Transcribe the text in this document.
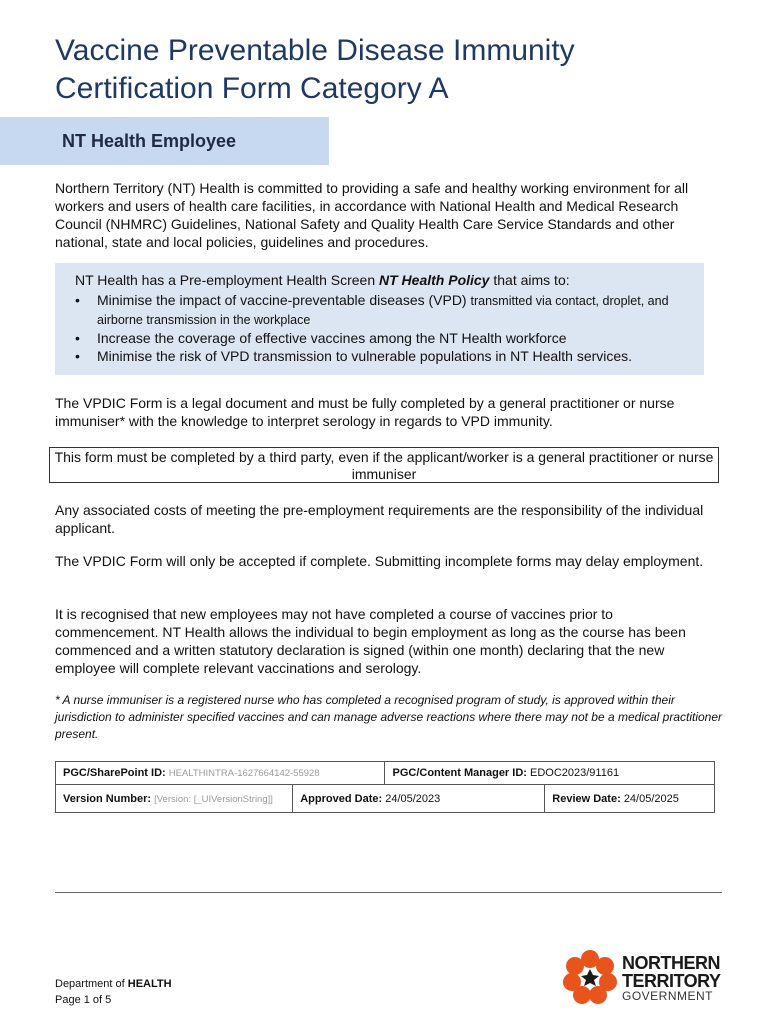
Vaccine Preventable Disease Immunity
Certification Form Category A
NT Health Employee

Northern Territory (NT) Health is committed to providing a safe and healthy working environment for all workers and users of health care facilities, in accordance with National Health and Medical Research Council (NHMRC) Guidelines, National Safety and Quality Health Care Service Standards and other national, state and local policies, guidelines and procedures.

NT Health has a Pre-employment Health Screen NT Health Policy that aims to:
• Minimise the impact of vaccine-preventable diseases (VPD) transmitted via contact, droplet, and airborne transmission in the workplace
• Increase the coverage of effective vaccines among the NT Health workforce
• Minimise the risk of VPD transmission to vulnerable populations in NT Health services.

The VPDIC Form is a legal document and must be fully completed by a general practitioner or nurse immuniser* with the knowledge to interpret serology in regards to VPD immunity.

This form must be completed by a third party, even if the applicant/worker is a general practitioner or nurse immuniser

Any associated costs of meeting the pre-employment requirements are the responsibility of the individual applicant.

The VPDIC Form will only be accepted if complete. Submitting incomplete forms may delay employment.

It is recognised that new employees may not have completed a course of vaccines prior to commencement. NT Health allows the individual to begin employment as long as the course has been commenced and a written statutory declaration is signed (within one month) declaring that the new employee will complete relevant vaccinations and serology.

* A nurse immuniser is a registered nurse who has completed a recognised program of study, is approved within their jurisdiction to administer specified vaccines and can manage adverse reactions where there may not be a medical practitioner present.

PGC/SharePoint ID: HEALTHINTRA-1627664142-55928		PGC/Content Manager ID: EDOC2023/91161	
Version Number: [Version: [_UIVersionString]]	Approved Date: 24/05/2023		Review Date: 24/05/2025
Department of HEALTH
Page 1 of 5
NORTHERN
TERRITORY
GOVERNMENT
